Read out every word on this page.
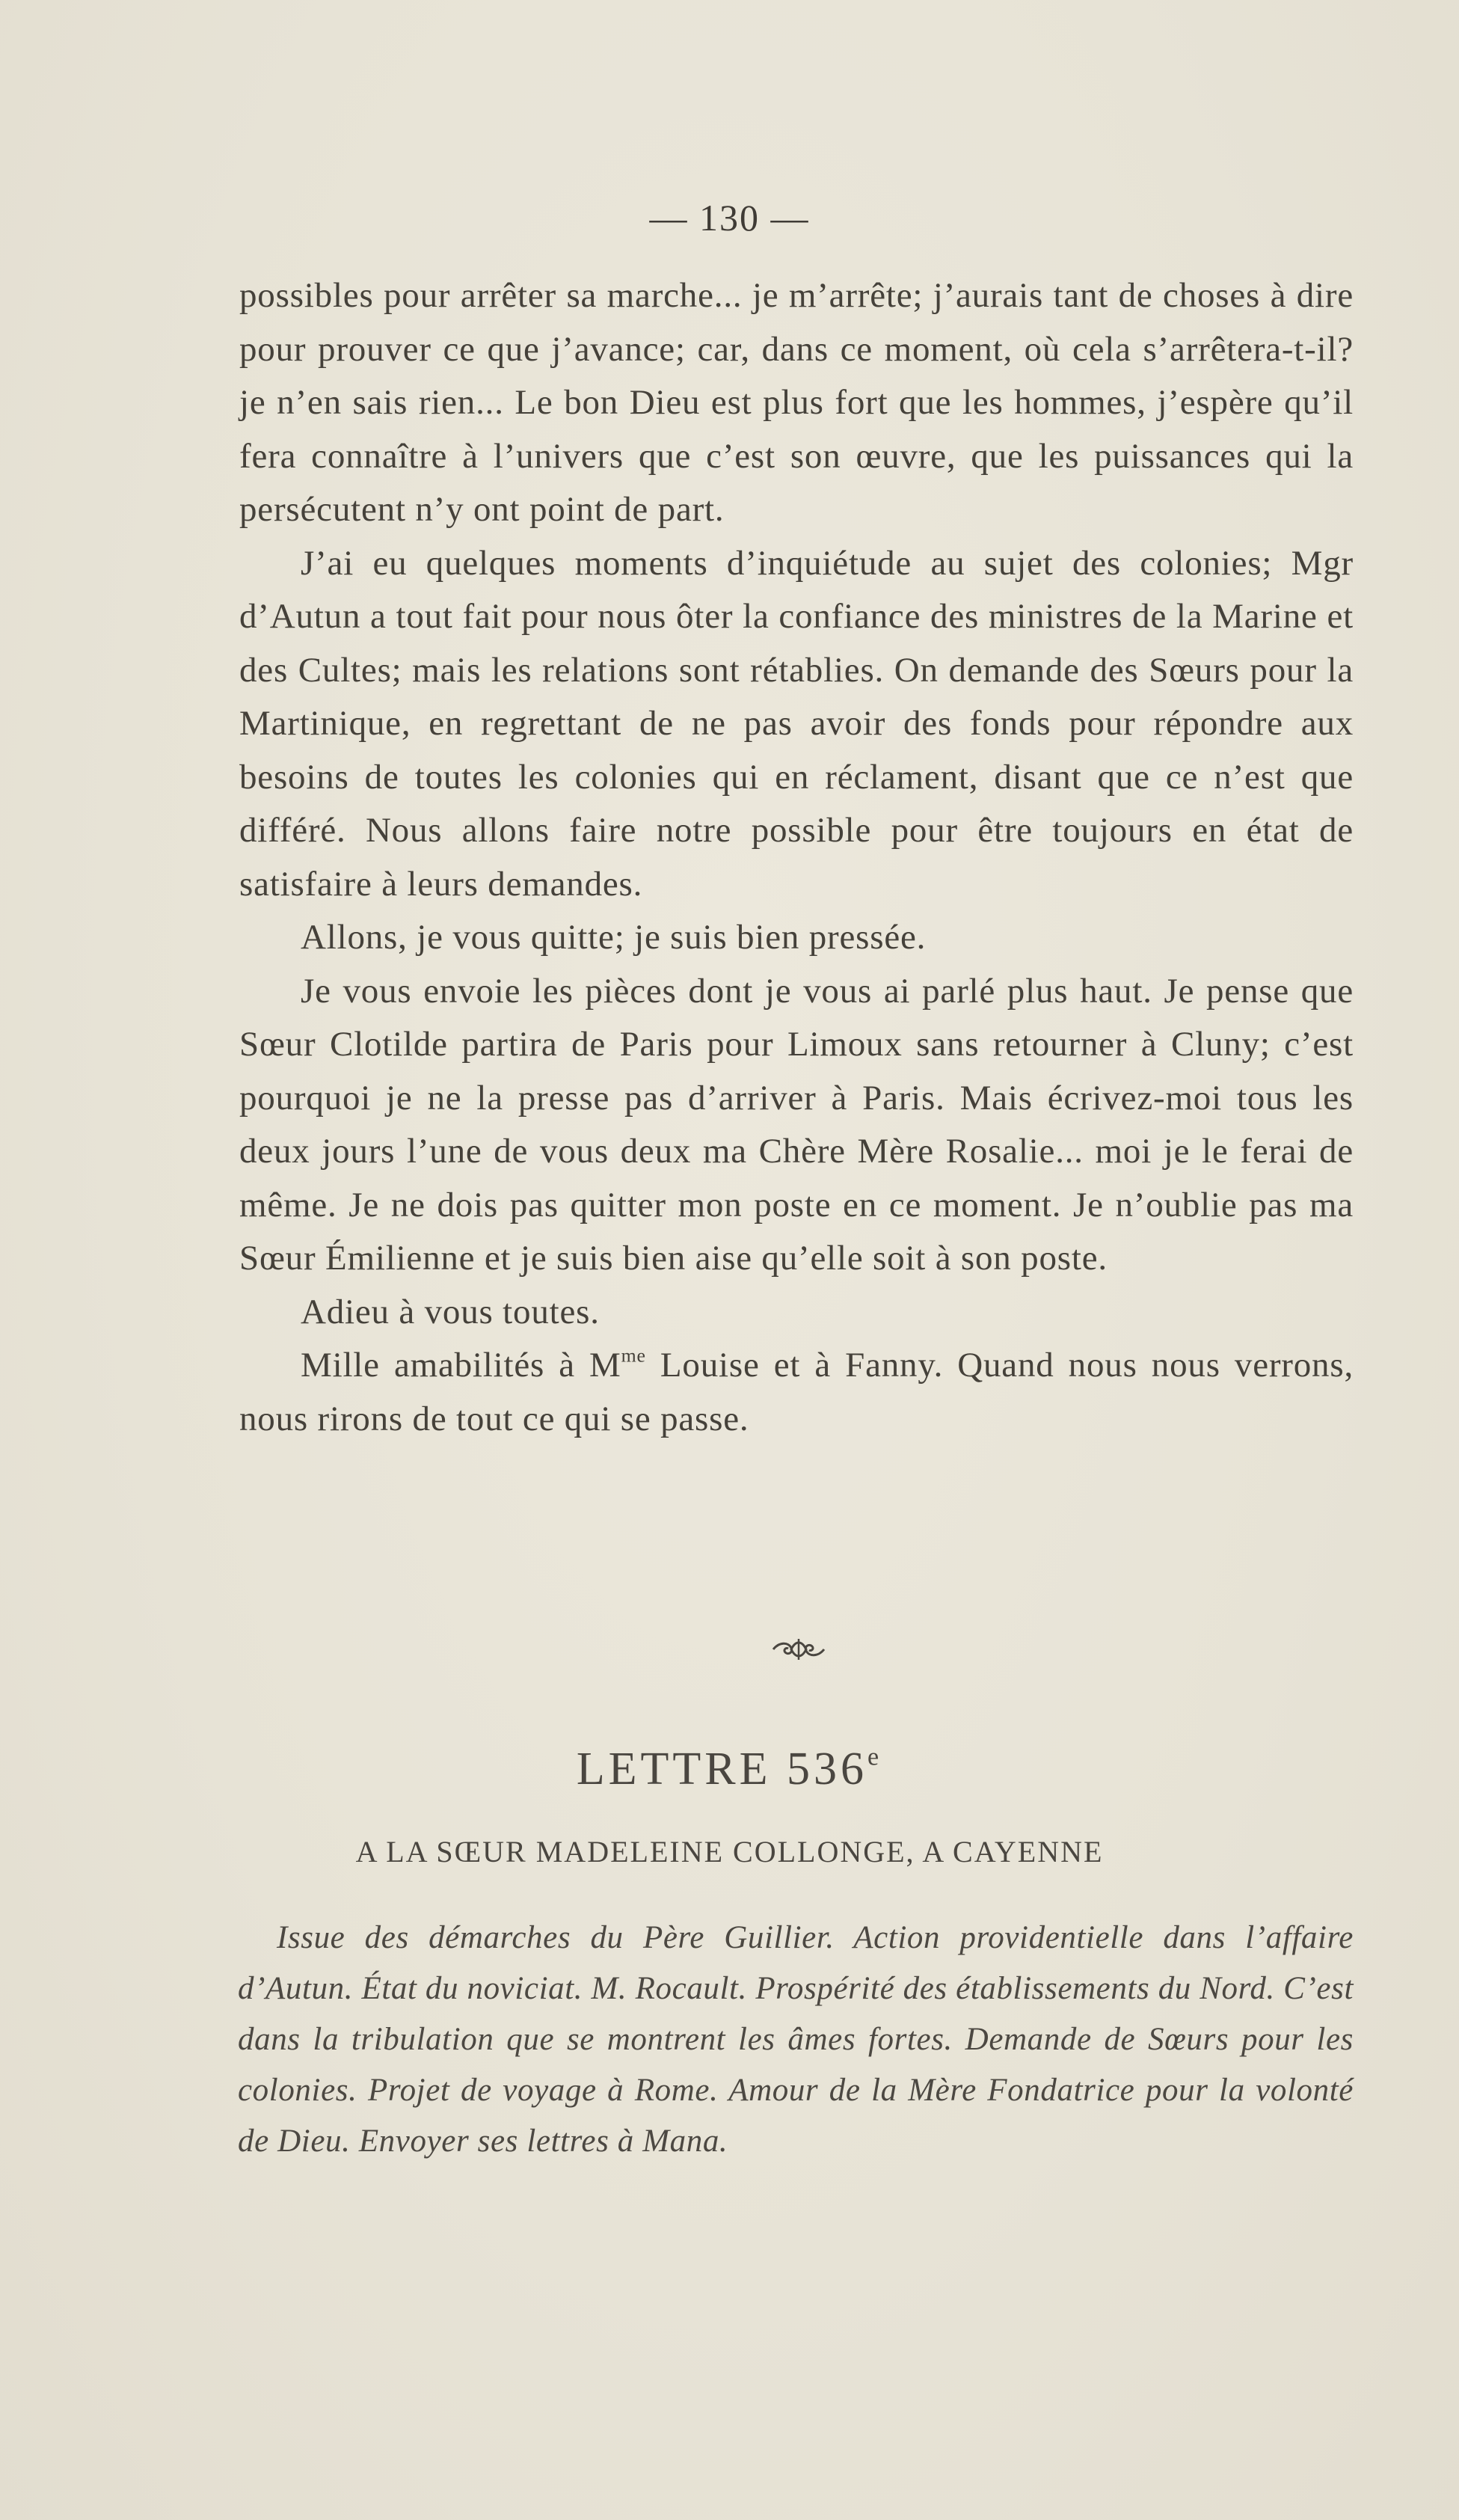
— 130 —

possibles pour arrêter sa marche... je m’arrête; j’aurais tant de choses à dire pour prouver ce que j’avance; car, dans ce moment, où cela s’arrêtera-t-il? je n’en sais rien... Le bon Dieu est plus fort que les hommes, j’espère qu’il fera connaître à l’univers que c’est son œuvre, que les puissances qui la persécutent n’y ont point de part.

J’ai eu quelques moments d’inquiétude au sujet des colonies; Mgr d’Autun a tout fait pour nous ôter la confiance des ministres de la Marine et des Cultes; mais les relations sont rétablies. On demande des Sœurs pour la Martinique, en regrettant de ne pas avoir des fonds pour répondre aux besoins de toutes les colonies qui en réclament, disant que ce n’est que différé. Nous allons faire notre possible pour être toujours en état de satisfaire à leurs demandes.

Allons, je vous quitte; je suis bien pressée.

Je vous envoie les pièces dont je vous ai parlé plus haut. Je pense que Sœur Clotilde partira de Paris pour Limoux sans retourner à Cluny; c’est pourquoi je ne la presse pas d’arriver à Paris. Mais écrivez-moi tous les deux jours l’une de vous deux ma Chère Mère Rosalie... moi je le ferai de même. Je ne dois pas quitter mon poste en ce moment. Je n’oublie pas ma Sœur Émilienne et je suis bien aise qu’elle soit à son poste.

Adieu à vous toutes.

Mille amabilités à $M^{me}$ Louise et à Fanny. Quand nous nous verrons, nous rirons de tout ce qui se passe.

LETTRE 536e
A LA SŒUR MADELEINE COLLONGE, A CAYENNE

Issue des démarches du Père Guillier. Action providentielle dans l’affaire d’Autun. État du noviciat. M. Rocault. Prospérité des établissements du Nord. C’est dans la tribulation que se montrent les âmes fortes. Demande de Sœurs pour les colonies. Projet de voyage à Rome. Amour de la Mère Fondatrice pour la volonté de Dieu. Envoyer ses lettres à Mana.
